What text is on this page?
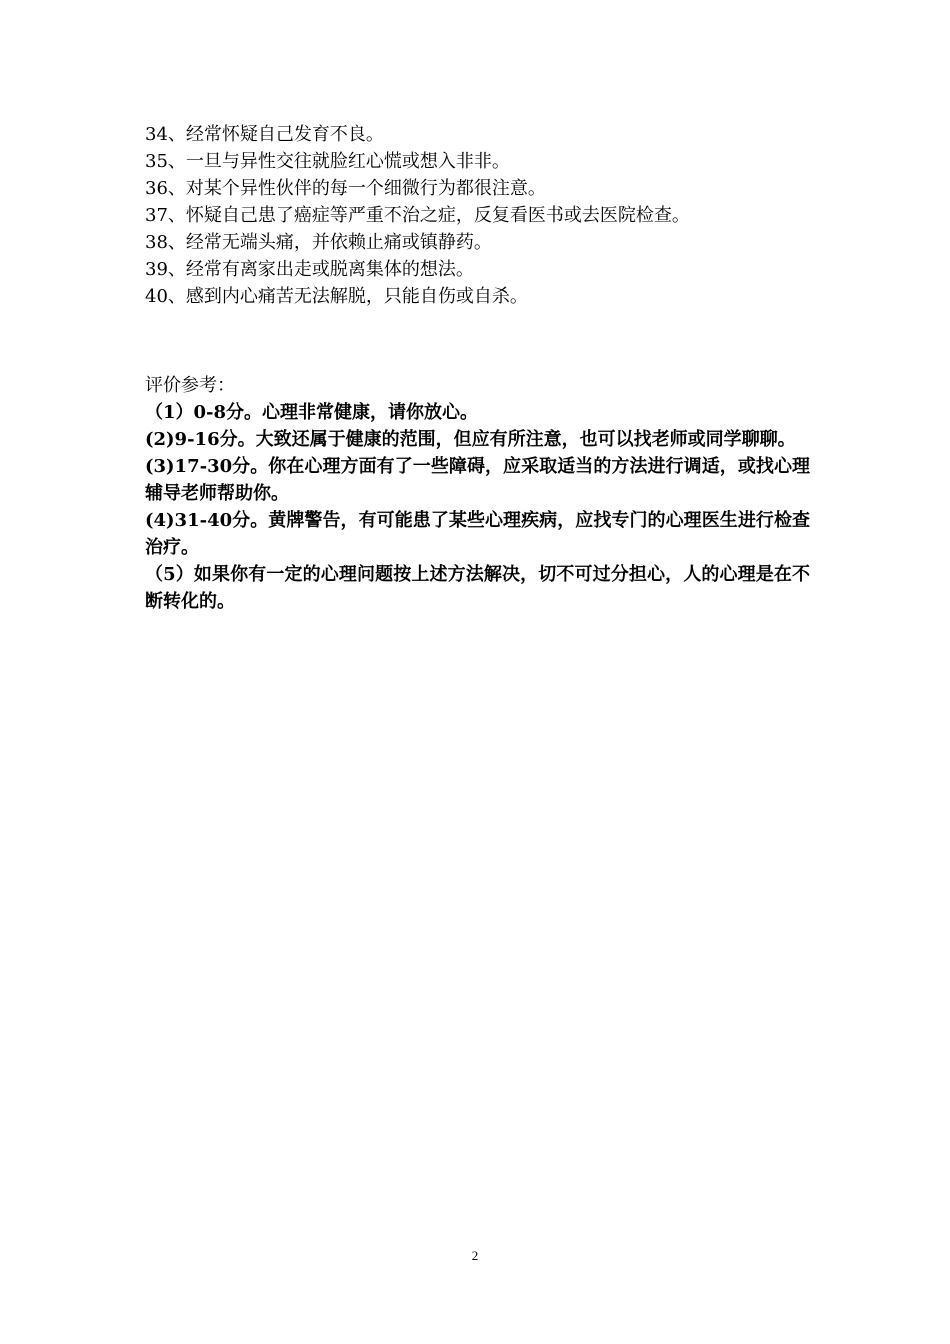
34、经常怀疑自己发育不良。
35、一旦与异性交往就脸红心慌或想入非非。
36、对某个异性伙伴的每一个细微行为都很注意。
37、怀疑自己患了癌症等严重不治之症，反复看医书或去医院检查。
38、经常无端头痛，并依赖止痛或镇静药。
39、经常有离家出走或脱离集体的想法。
40、感到内心痛苦无法解脱，只能自伤或自杀。
评价参考：
（1）0-8分。心理非常健康，请你放心。
(2)9-16分。大致还属于健康的范围，但应有所注意，也可以找老师或同学聊聊。
(3)17-30分。你在心理方面有了一些障碍，应采取适当的方法进行调适，或找心理辅导老师帮助你。
(4)31-40分。黄牌警告，有可能患了某些心理疾病，应找专门的心理医生进行检查治疗。
（5）如果你有一定的心理问题按上述方法解决，切不可过分担心，人的心理是在不断转化的。
2
